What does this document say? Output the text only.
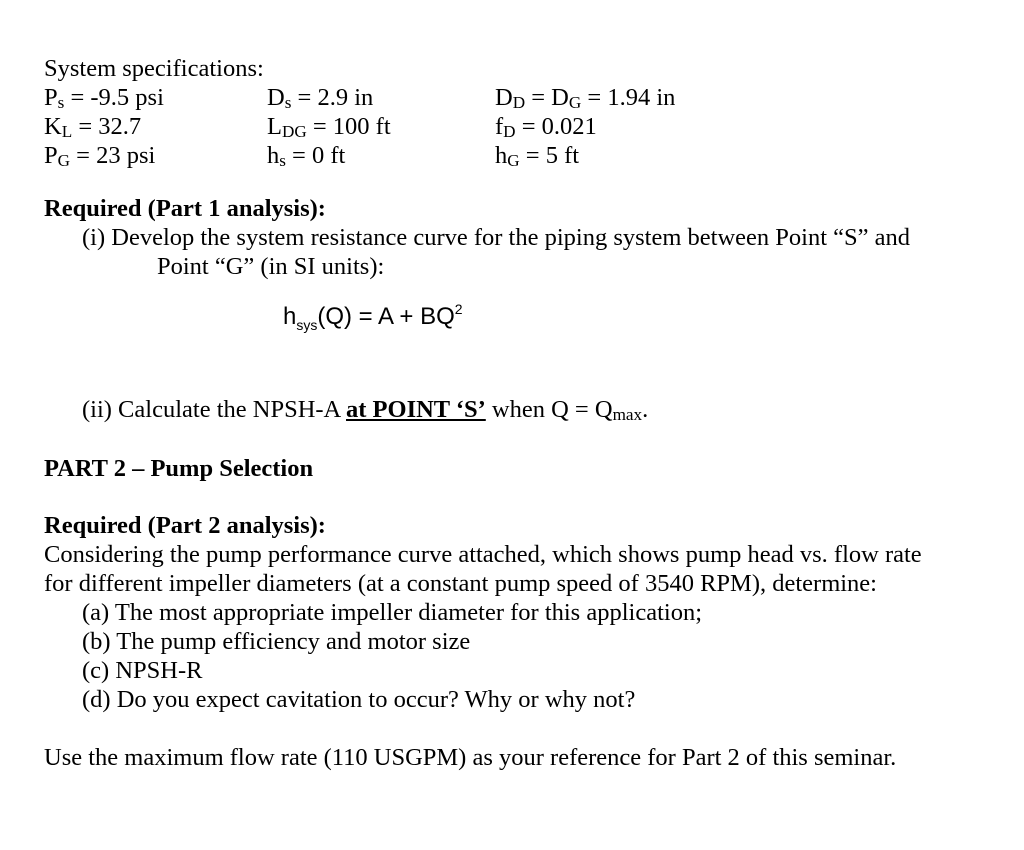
System specifications:
Ps = -9.5 psi	Ds = 2.9 in	DD = DG = 1.94 in
KL = 32.7	LDG = 100 ft	fD = 0.021
PG = 23 psi	hs = 0 ft	hG = 5 ft
Required (Part 1 analysis):
(i) Develop the system resistance curve for the piping system between Point “S” and
Point “G” (in SI units):
$h_{sys}(Q) = A + BQ^2$
(ii) Calculate the NPSH-A at POINT ‘S’ when Q = Qmax.
PART 2 – Pump Selection
Required (Part 2 analysis):
Considering the pump performance curve attached, which shows pump head vs. flow rate
for different impeller diameters (at a constant pump speed of 3540 RPM), determine:
(a) The most appropriate impeller diameter for this application;
(b) The pump efficiency and motor size
(c) NPSH-R
(d) Do you expect cavitation to occur? Why or why not?
Use the maximum flow rate (110 USGPM) as your reference for Part 2 of this seminar.
